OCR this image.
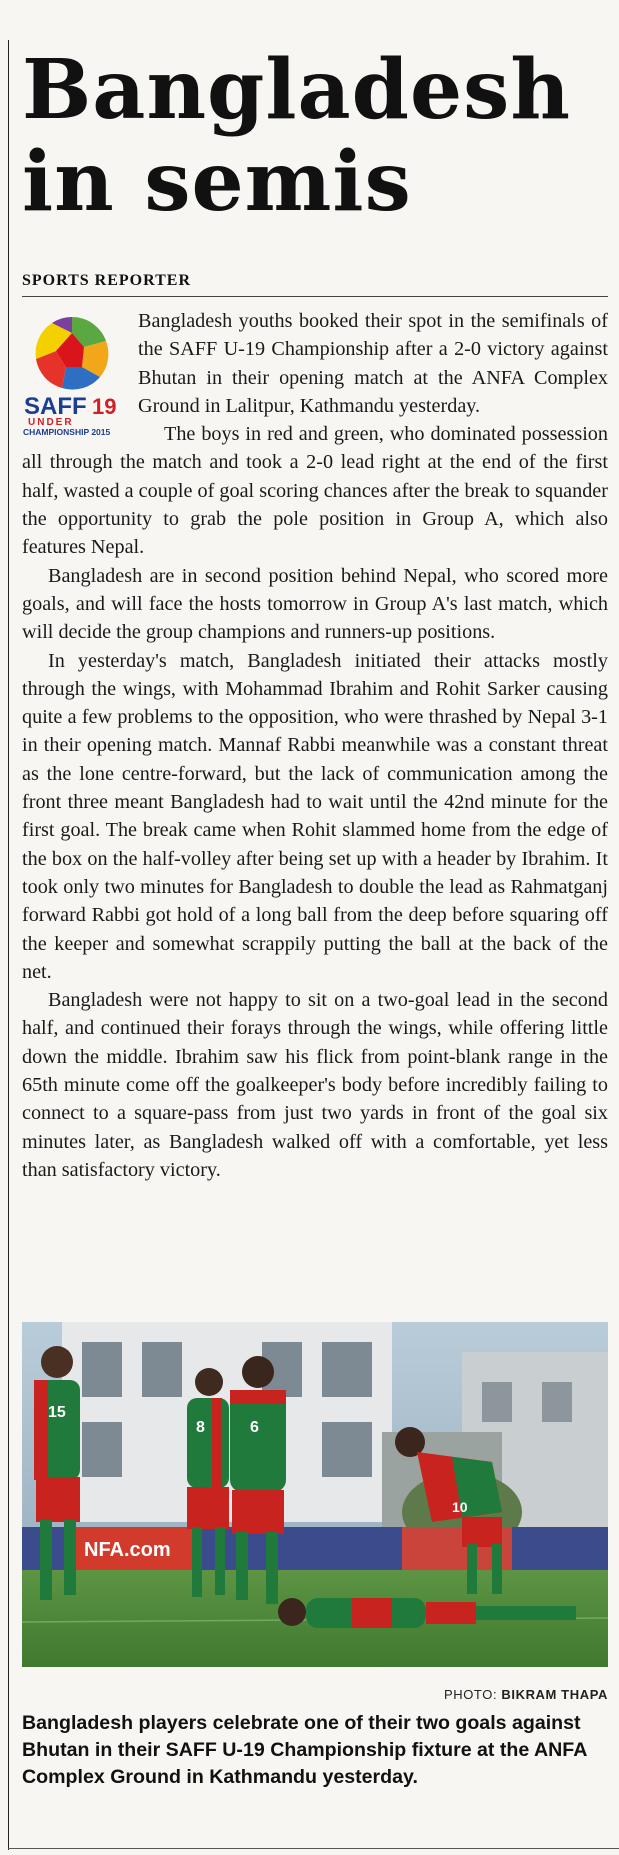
Bangladesh
in semis
SPORTS REPORTER
SAFF 19
UNDER
CHAMPIONSHIP 2015

Bangladesh youths booked their spot in the semifinals of the SAFF U-19 Championship after a 2-0 victory against Bhutan in their opening match at the ANFA Complex Ground in Lalitpur, Kathmandu yesterday.

The boys in red and green, who dominated possession all through the match and took a 2-0 lead right at the end of the first half, wasted a couple of goal scoring chances after the break to squander the opportunity to grab the pole position in Group A, which also features Nepal.

Bangladesh are in second position behind Nepal, who scored more goals, and will face the hosts tomorrow in Group A's last match, which will decide the group champions and runners-up positions.

In yesterday's match, Bangladesh initiated their attacks mostly through the wings, with Mohammad Ibrahim and Rohit Sarker causing quite a few problems to the opposition, who were thrashed by Nepal 3-1 in their opening match. Mannaf Rabbi meanwhile was a constant threat as the lone centre-forward, but the lack of communication among the front three meant Bangladesh had to wait until the 42nd minute for the first goal. The break came when Rohit slammed home from the edge of the box on the half-volley after being set up with a header by Ibrahim. It took only two minutes for Bangladesh to double the lead as Rahmatganj forward Rabbi got hold of a long ball from the deep before squaring off the keeper and somewhat scrappily putting the ball at the back of the net.

Bangladesh were not happy to sit on a two-goal lead in the second half, and continued their forays through the wings, while offering little down the middle. Ibrahim saw his flick from point-blank range in the 65th minute come off the goalkeeper's body before incredibly failing to connect to a square-pass from just two yards in front of the goal six minutes later, as Bangladesh walked off with a comfortable, yet less than satisfactory victory.

NFA.com
15
8	6
10
PHOTO: BIKRAM THAPA
Bangladesh players celebrate one of their two goals against Bhutan in their SAFF U-19 Championship fixture at the ANFA Complex Ground in Kathmandu yesterday.
